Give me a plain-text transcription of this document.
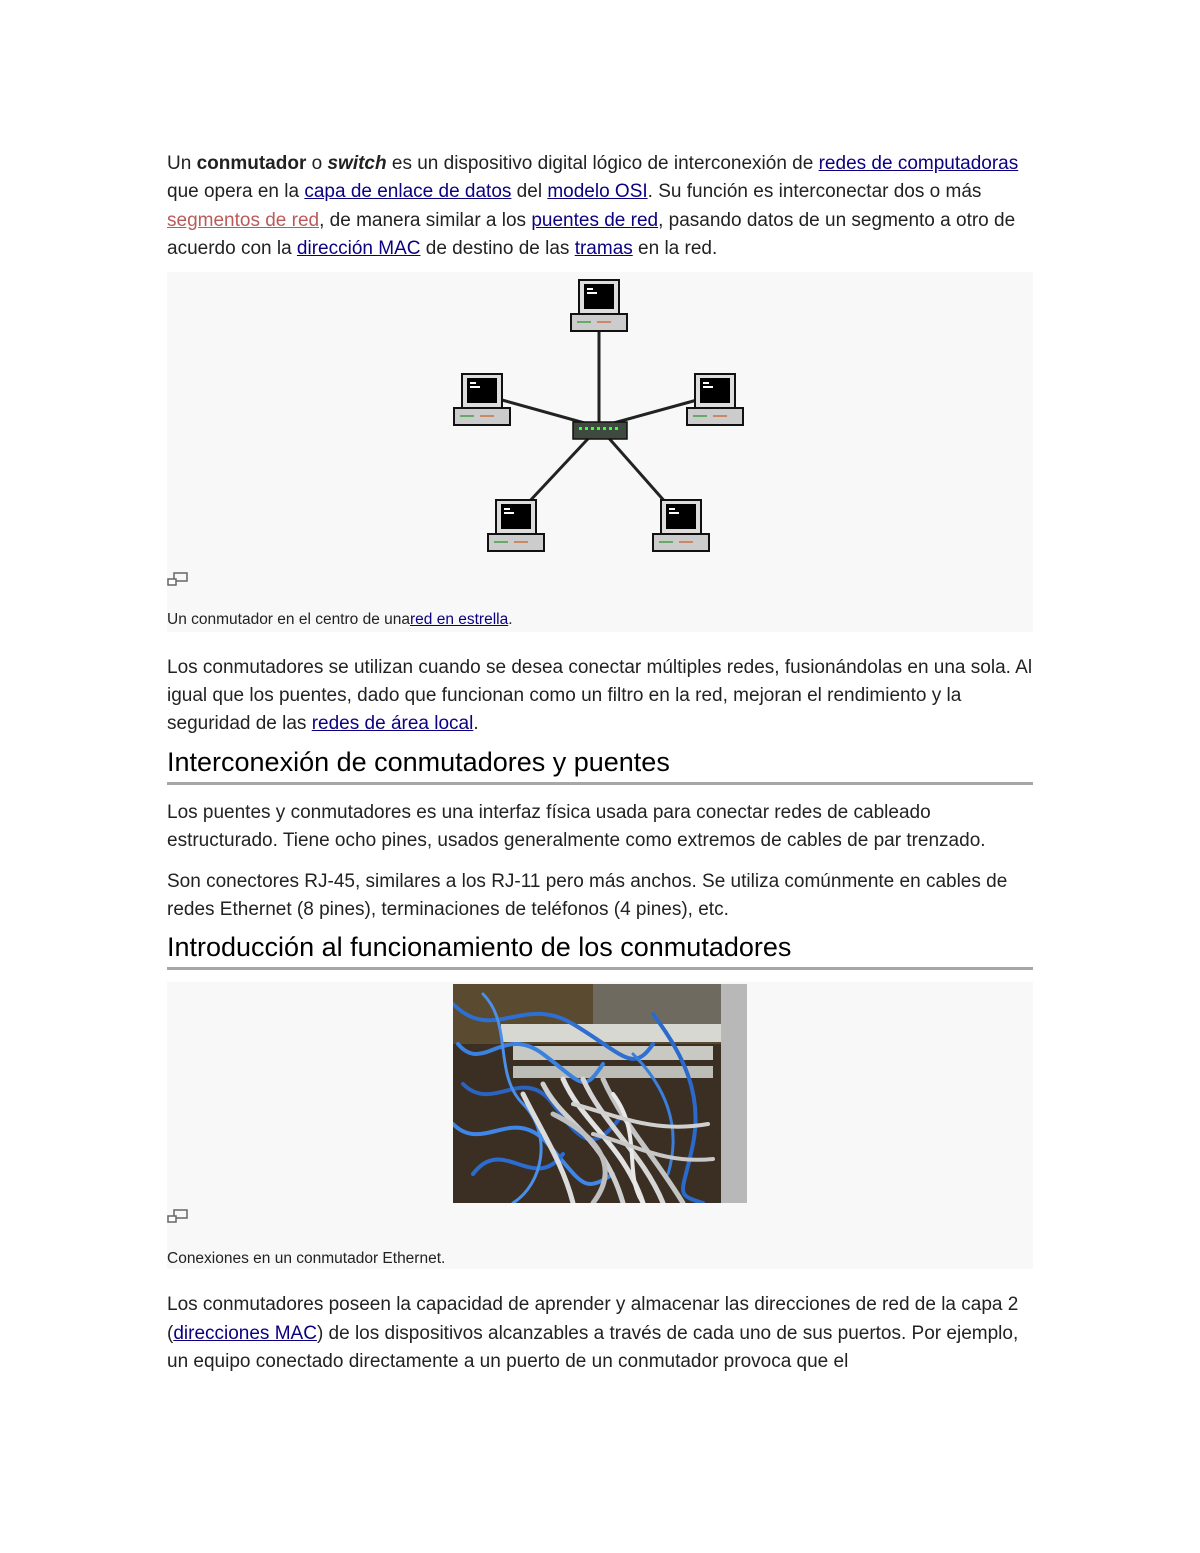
Un conmutador o switch es un dispositivo digital lógico de interconexión de redes de computadoras que opera en la capa de enlace de datos del modelo OSI. Su función es interconectar dos o más segmentos de red, de manera similar a los puentes de red, pasando datos de un segmento a otro de acuerdo con la dirección MAC de destino de las tramas en la red.

Un conmutador en el centro de unared en estrella.

Los conmutadores se utilizan cuando se desea conectar múltiples redes, fusionándolas en una sola. Al igual que los puentes, dado que funcionan como un filtro en la red, mejoran el rendimiento y la seguridad de las redes de área local.

Interconexión de conmutadores y puentes

Los puentes y conmutadores es una interfaz física usada para conectar redes de cableado estructurado. Tiene ocho pines, usados generalmente como extremos de cables de par trenzado.

Son conectores RJ-45, similares a los RJ-11 pero más anchos. Se utiliza comúnmente en cables de redes Ethernet (8 pines), terminaciones de teléfonos (4 pines), etc.

Introducción al funcionamiento de los conmutadores
Conexiones en un conmutador Ethernet.

Los conmutadores poseen la capacidad de aprender y almacenar las direcciones de red de la capa 2 (direcciones MAC) de los dispositivos alcanzables a través de cada uno de sus puertos. Por ejemplo, un equipo conectado directamente a un puerto de un conmutador provoca que el
